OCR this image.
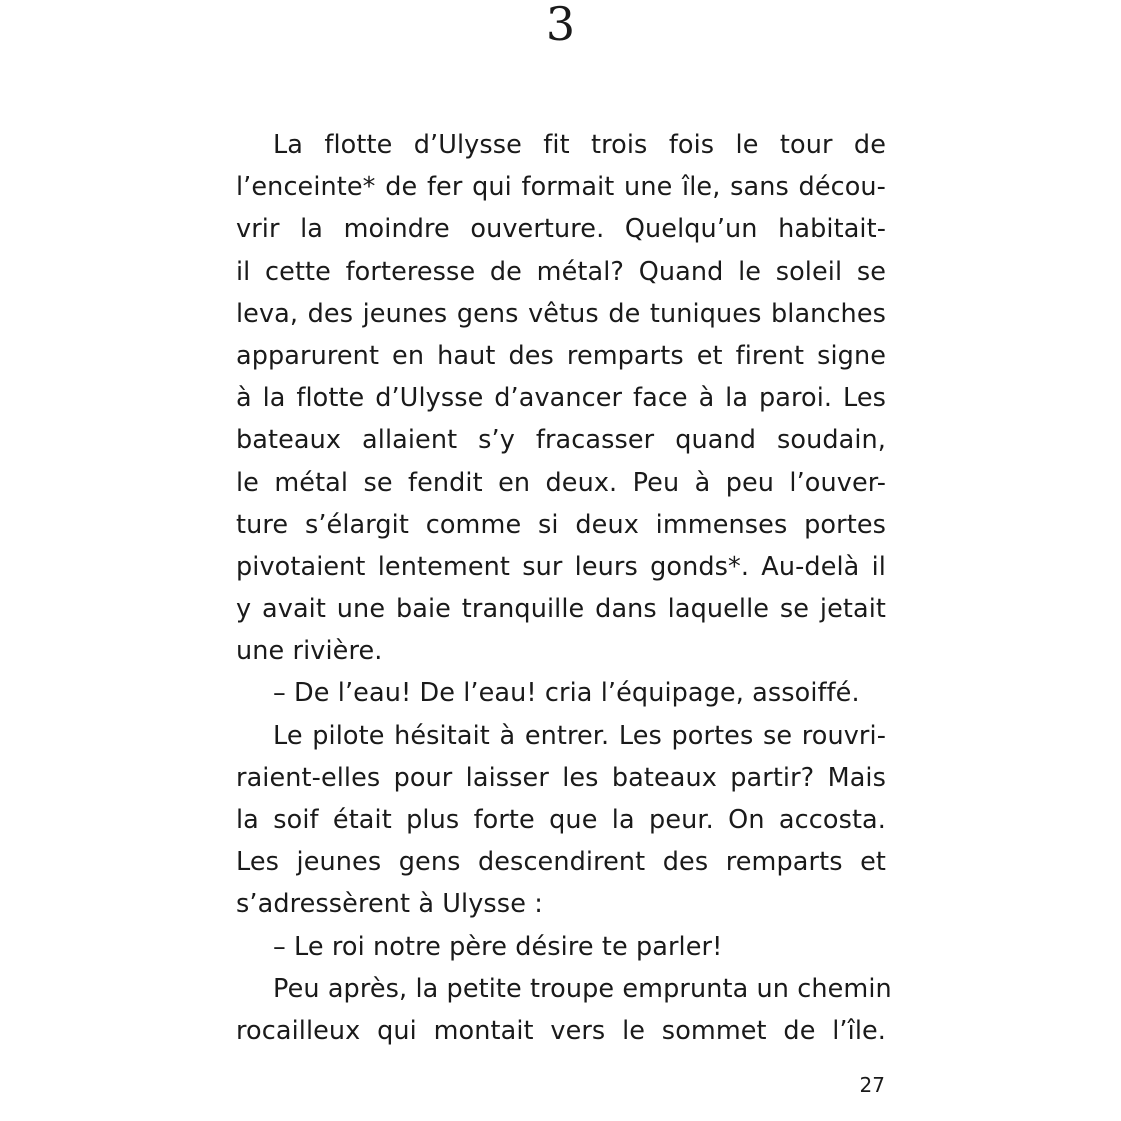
3
La flotte d’Ulysse fit trois fois le tour de
l’enceinte* de fer qui formait une île, sans décou-
vrir la moindre ouverture. Quelqu’un habitait-
il cette forteresse de métal? Quand le soleil se
leva, des jeunes gens vêtus de tuniques blanches
apparurent en haut des remparts et firent signe
à la flotte d’Ulysse d’avancer face à la paroi. Les
bateaux allaient s’y fracasser quand soudain,
le métal se fendit en deux. Peu à peu l’ouver-
ture s’élargit comme si deux immenses portes
pivotaient lentement sur leurs gonds*. Au-delà il
y avait une baie tranquille dans laquelle se jetait
une rivière.
– De l’eau! De l’eau! cria l’équipage, assoiffé.
Le pilote hésitait à entrer. Les portes se rouvri-
raient-elles pour laisser les bateaux partir? Mais
la soif était plus forte que la peur. On accosta.
Les jeunes gens descendirent des remparts et
s’adressèrent à Ulysse :
– Le roi notre père désire te parler!
Peu après, la petite troupe emprunta un chemin
rocailleux qui montait vers le sommet de l’île.
27
